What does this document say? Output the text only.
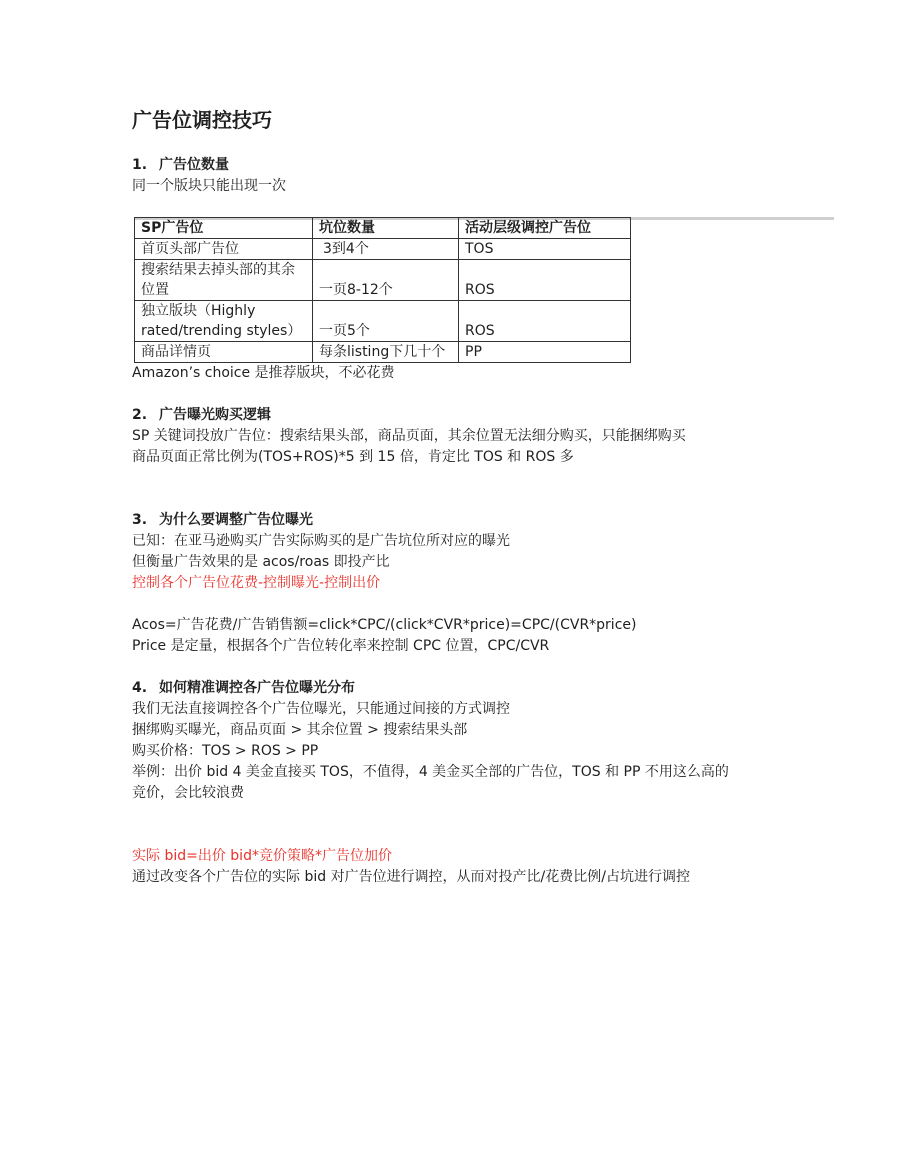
广告位调控技巧
1. 广告位数量
同一个版块只能出现一次
SP广告位	坑位数量	活动层级调控广告位
首页头部广告位	3到4个	TOS
搜索结果去掉头部的其余位置	一页8-12个	ROS
独立版块（Highly rated/trending styles）	一页5个	ROS
商品详情页	每条listing下几十个	PP
Amazon’s choice 是推荐版块，不必花费
2. 广告曝光购买逻辑
SP 关键词投放广告位：搜索结果头部，商品页面，其余位置无法细分购买，只能捆绑购买
商品页面正常比例为(TOS+ROS)*5 到 15 倍，肯定比 TOS 和 ROS 多
3. 为什么要调整广告位曝光
已知：在亚马逊购买广告实际购买的是广告坑位所对应的曝光
但衡量广告效果的是 acos/roas 即投产比
控制各个广告位花费-控制曝光-控制出价
Acos=广告花费/广告销售额=click*CPC/(click*CVR*price)=CPC/(CVR*price)
Price 是定量，根据各个广告位转化率来控制 CPC 位置，CPC/CVR
4. 如何精准调控各广告位曝光分布
我们无法直接调控各个广告位曝光，只能通过间接的方式调控
捆绑购买曝光，商品页面 > 其余位置 > 搜索结果头部
购买价格：TOS > ROS > PP
举例：出价 bid 4 美金直接买 TOS，不值得，4 美金买全部的广告位，TOS 和 PP 不用这么高的
竞价，会比较浪费
实际 bid=出价 bid*竞价策略*广告位加价
通过改变各个广告位的实际 bid 对广告位进行调控，从而对投产比/花费比例/占坑进行调控
